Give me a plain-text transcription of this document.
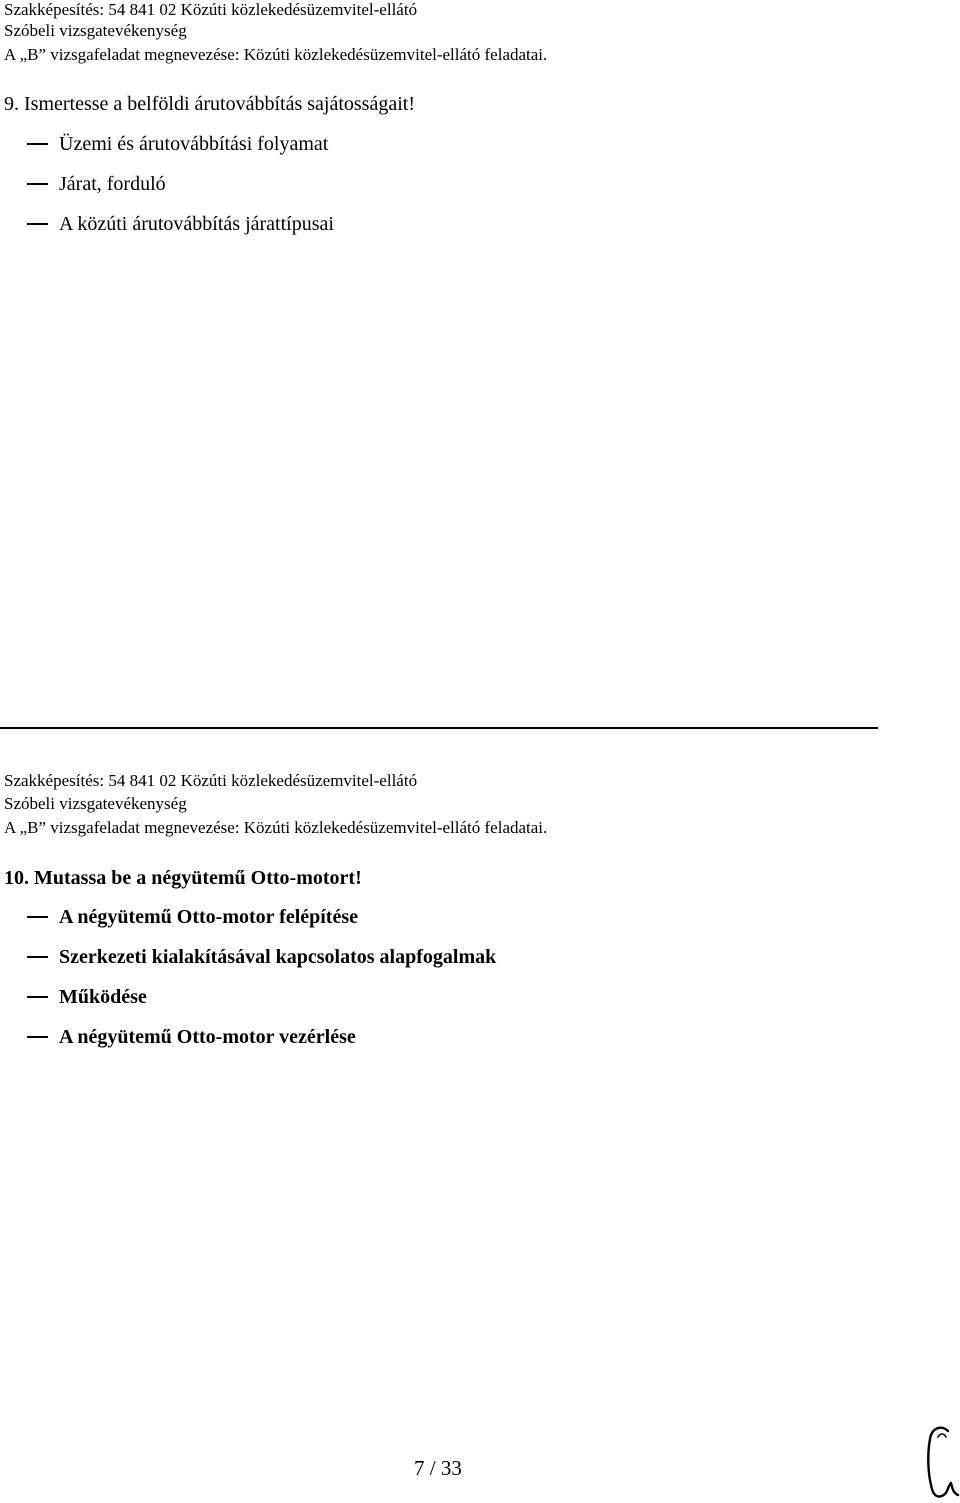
Szakképesítés: 54 841 02 Közúti közlekedésüzemvitel-ellátó
Szóbeli vizsgatevékenység
A „B” vizsgafeladat megnevezése: Közúti közlekedésüzemvitel-ellátó feladatai.
9. Ismertesse a belföldi árutovábbítás sajátosságait!
Üzemi és árutovábbítási folyamat
Járat, forduló
A közúti árutovábbítás járattípusai
Szakképesítés: 54 841 02 Közúti közlekedésüzemvitel-ellátó
Szóbeli vizsgatevékenység
A „B” vizsgafeladat megnevezése: Közúti közlekedésüzemvitel-ellátó feladatai.
10. Mutassa be a négyütemű Otto-motort!
A négyütemű Otto-motor felépítése
Szerkezeti kialakításával kapcsolatos alapfogalmak
Működése
A négyütemű Otto-motor vezérlése
7 / 33
